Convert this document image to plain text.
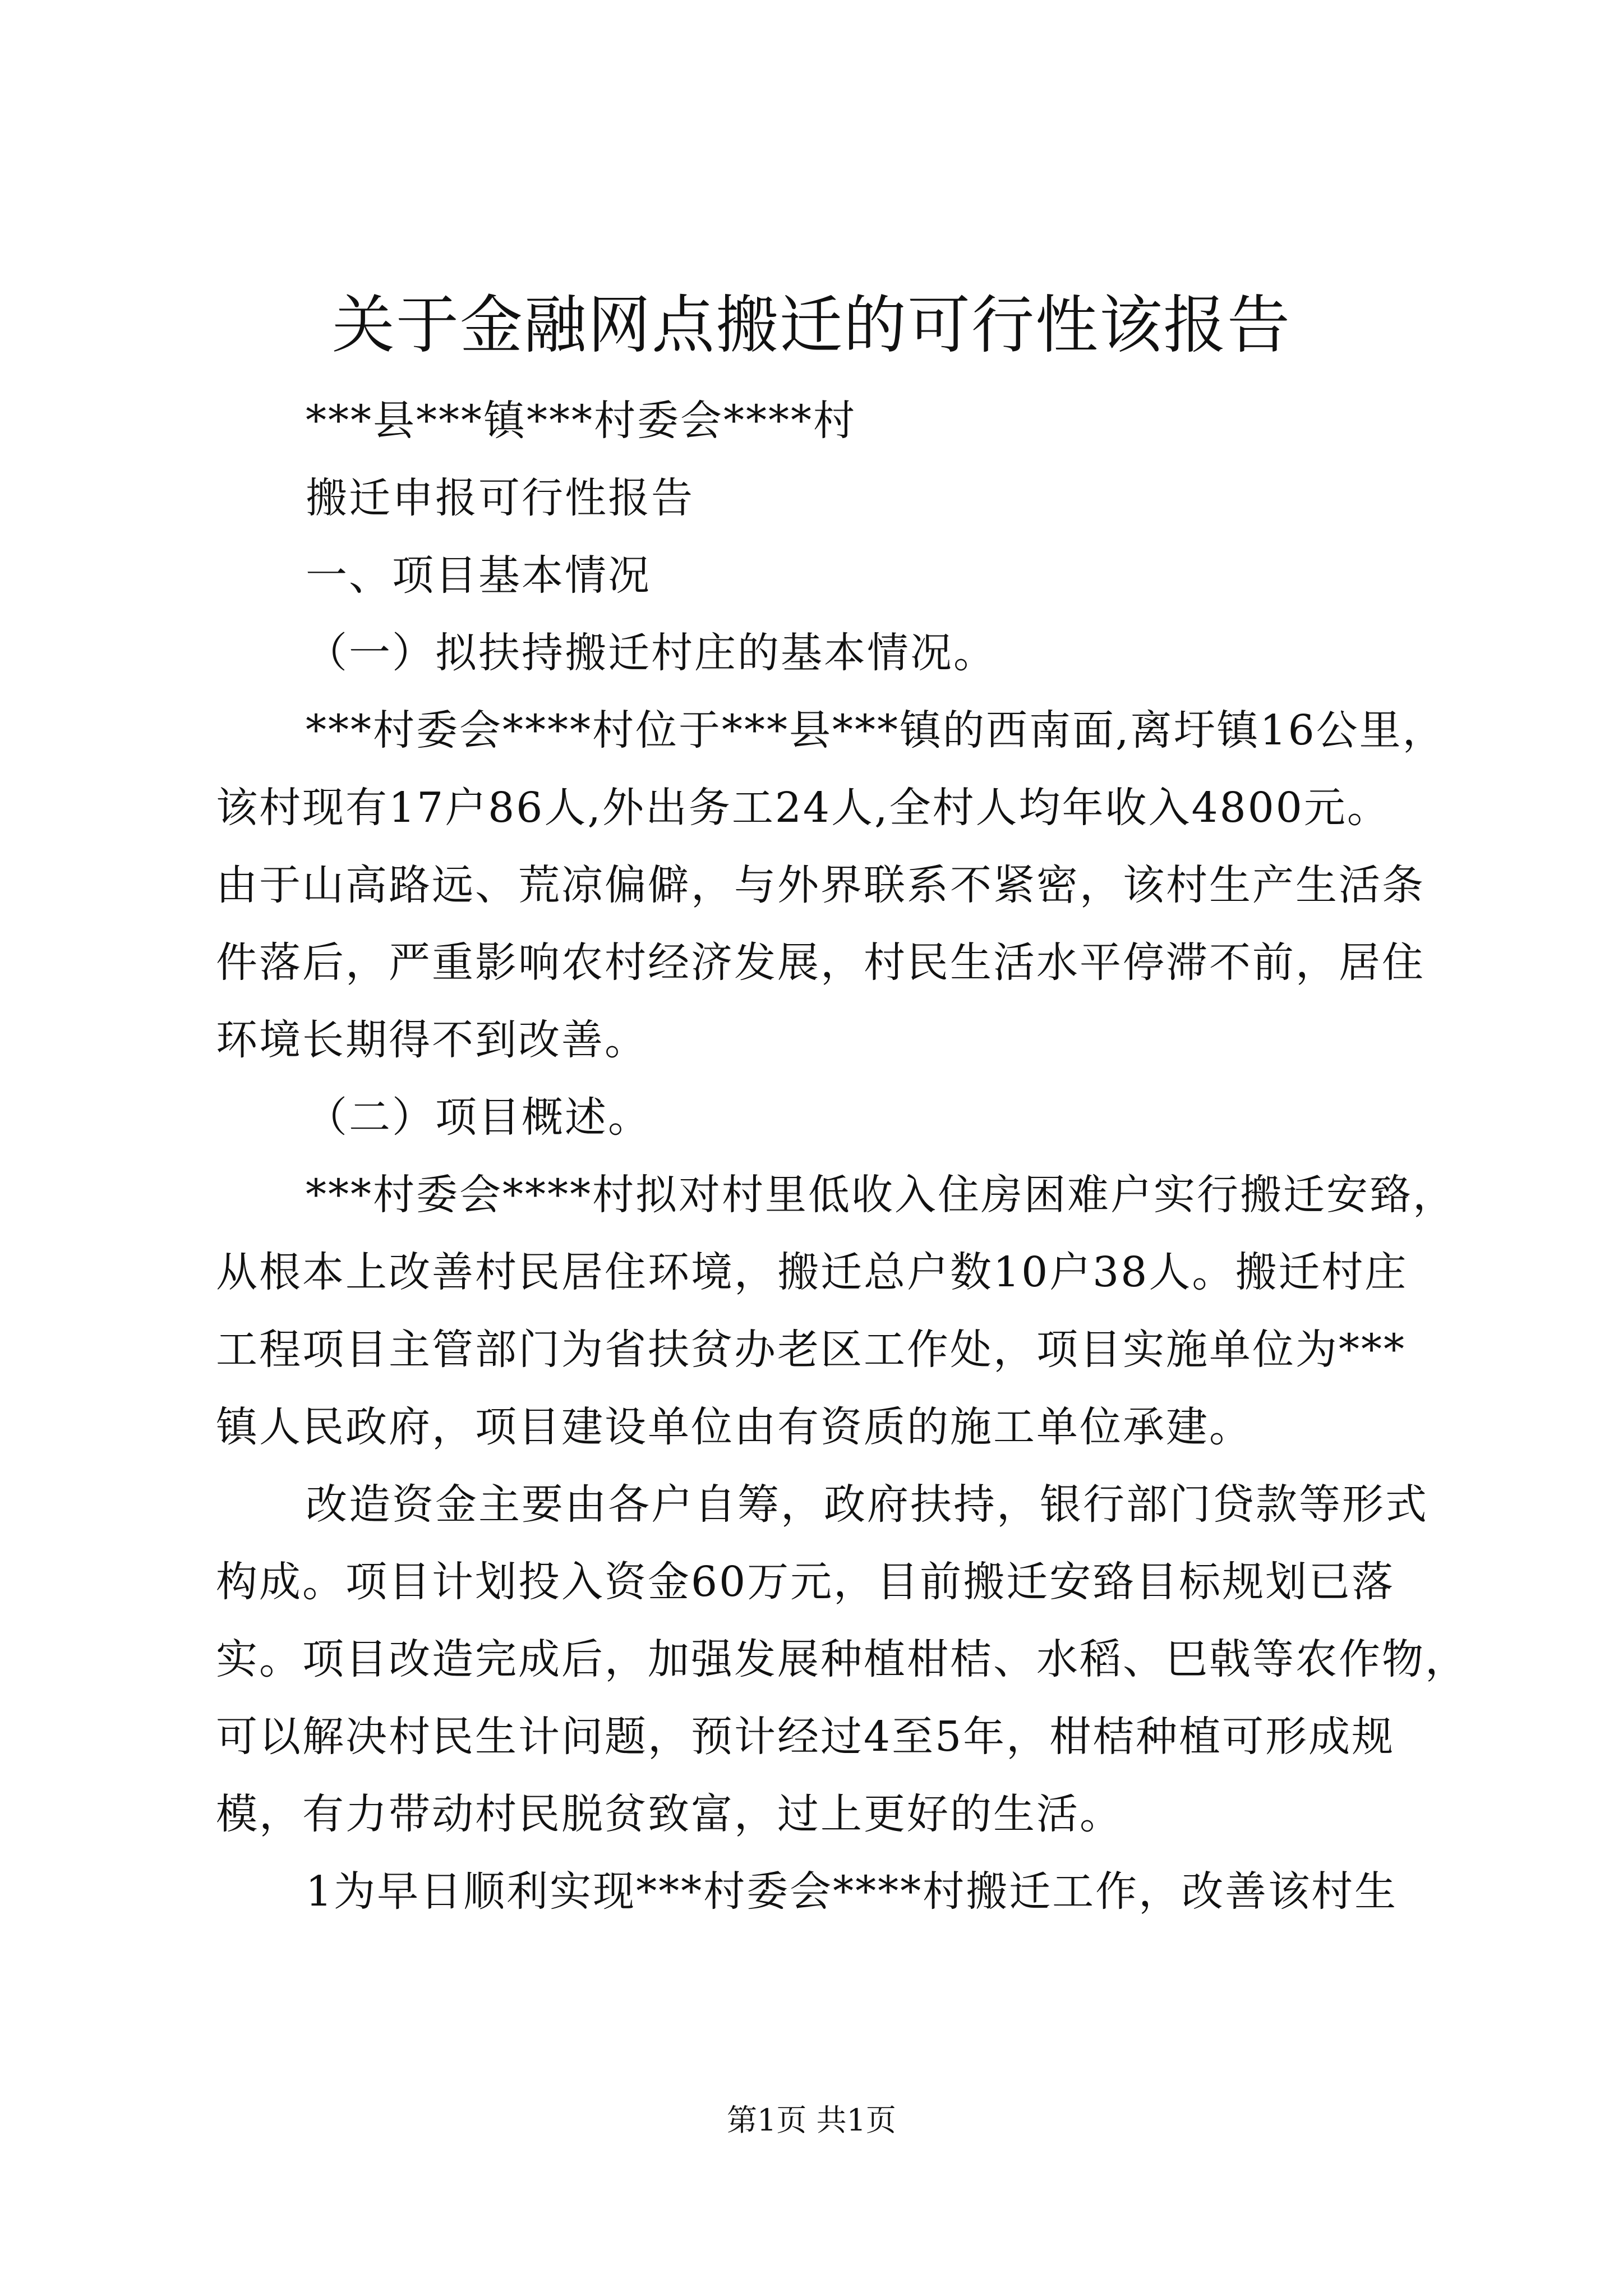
关于金融网点搬迁的可行性该报告
***县***镇***村委会****村
搬迁申报可行性报告
一、项目基本情况
（一）拟扶持搬迁村庄的基本情况。
***村委会****村位于***县***镇的西南面,离圩镇16公里，
该村现有17户86人,外出务工24人,全村人均年收入4800元。
由于山高路远、荒凉偏僻，与外界联系不紧密，该村生产生活条
件落后，严重影响农村经济发展，村民生活水平停滞不前，居住
环境长期得不到改善。
（二）项目概述。
***村委会****村拟对村里低收入住房困难户实行搬迁安臵，
从根本上改善村民居住环境，搬迁总户数10户38人。搬迁村庄
工程项目主管部门为省扶贫办老区工作处，项目实施单位为***
镇人民政府，项目建设单位由有资质的施工单位承建。
改造资金主要由各户自筹，政府扶持，银行部门贷款等形式
构成。项目计划投入资金60万元，目前搬迁安臵目标规划已落
实。项目改造完成后，加强发展种植柑桔、水稻、巴戟等农作物，
可以解决村民生计问题，预计经过4至5年，柑桔种植可形成规
模，有力带动村民脱贫致富，过上更好的生活。
1为早日顺利实现***村委会****村搬迁工作，改善该村生
第1页 共1页
